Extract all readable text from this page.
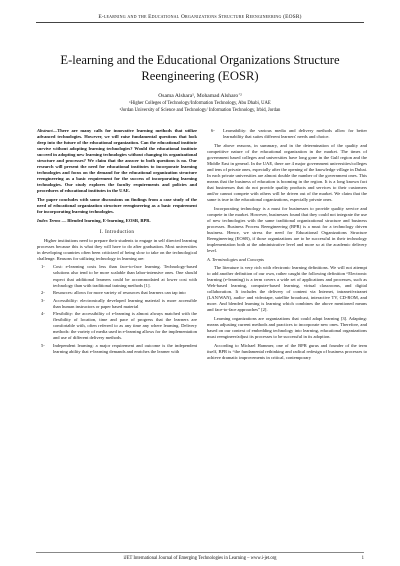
E-learning and the Educational Organizations Structure Reengineering (EOSR)
E-learning and the Educational Organizations Structure Reengineering (EOSR)
Osama Alshara¹, Mohamad Alsharo’²
¹Higher Colleges of Technology/Information Technology, Abu Dhabi, UAE
²Jordan University of Science and Technology/ Information Technology, Irbid, Jordan

Abstract—There are many calls for innovative learning methods that utilize advanced technologies. However, we will raise fundamental questions that look deep into the future of the educational organization. Can the educational institute survive without adopting learning technologies? Would the educational institute succeed in adopting new learning technologies without changing its organizational structure and processes? We claim that the answer to both questions is no. Our research will present the need for educational institutes to incorporate learning technologies and focus on the demand for the educational organization structure reengineering as a basic requirement for the success of incorporating learning technologies. Our study explores the faculty requirements and policies and procedures of educational institutes in the UAE.

The paper concludes with some discussions on findings from a case study of the need of educational organization structure reengineering as a basic requirement for incorporating learning technologies.

Index Terms — Blended learning, E-learning, EOSR, BPR.

I. Introduction

Higher institutions need to prepare their students to engage in self directed learning processes because this is what they will have to do after graduation. Most universities in developing countries often been criticized of being slow to take on the technological challenge. Reasons for utilizing technology in learning are:

1- Cost: e-learning costs less than face-to-face learning. Technology-based solutions also tend to be more scalable than labor-intensive ones. One should expect that additional learners could be accommodated at lower cost with technology than with traditional training methods [1].
2- Resources: allows for more variety of resources that learners can tap into
3- Accessibility: electronically developed learning material is more accessible than human instructors or paper based material
4- Flexibility: the accessibility of e-learning is almost always matched with the flexibility of location, time and pace of progress that the learners are comfortable with, often referred to as any time any where learning. Delivery methods: the variety of media used in e-learning allows for the implementation and use of different delivery methods.
5- Independent learning: a major requirement and outcome is the independent learning ability that e-learning demands and enriches the learner with
6- Learnability: the various media and delivery methods allow for better learnability that suites different learners' needs and choice.

The above reasons, in summary, and in the determination of the quality and competitive nature of the educational organization in the market. The times of government based colleges and universities have long gone in the Gulf region and the Middle East in general. In the UAE, there are 4 major government universities/colleges and tens of private ones, especially after the opening of the knowledge village in Dubai. In each private universities are almost double the number of the government ones. This means that the business of education is booming in the region. It is a long known fact that businesses that do not provide quality products and services to their customers and/or cannot compete with others will be driven out of the market. We claim that the same is true in the educational organizations, especially private ones.

Incorporating technology is a must for businesses to provide quality service and compete in the market. However, businesses found that they could not integrate the use of new technologies with the same traditional organizational structure and business processes. Business Process Reengineering (BPR) is a must for a technology driven business. Hence, we stress the need for Educational Organizations Structure Reengineering (EOSR), if those organizations are to be successful in their technology implementation both at the administrative level and more so at the academic delivery level.

A. Terminologies and Concepts

The literature is very rich with electronic learning definitions. We will not attempt to add another definition of our own, rather caught the following definition “Electronic learning (e-learning) is a term covers a wide set of applications and processes, such as Web-based learning, computer-based learning, virtual classrooms, and digital collaboration. It includes the delivery of content via Internet, intranet/extranet (LAN/WAN), audio- and videotape, satellite broadcast, interactive TV, CD-ROM, and more. And blended learning is learning which combines the above mentioned means and face-to-face approaches” [2].

Learning organizations are organizations that could adapt learning [3]. Adapting: means adjusting current methods and practices to incorporate new ones. Therefore, and based on our context of embedding technology into learning, educational organizations must reengineer/adjust its processes to be successful in its adoption.

According to Michael Hammer, one of the BPR gurus and founder of the term itself, BPR is “the fundamental rethinking and radical redesign of business processes to achieve dramatic improvements in critical, contemporary

iJET International Journal of Emerging Technologies in Learning – www.i-jet.org	1
